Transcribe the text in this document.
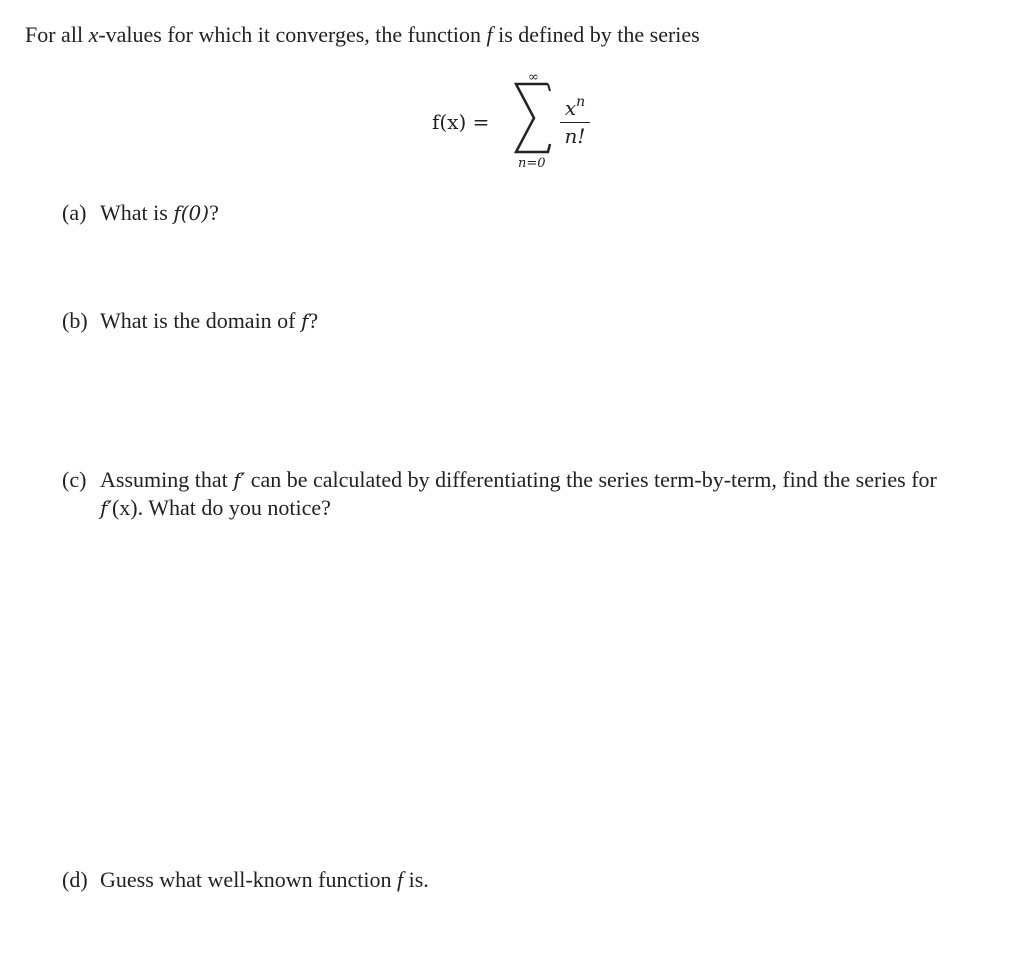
For all x-values for which it converges, the function f is defined by the series
f(x) =
∞
n=0
$x^n$
n!
(a) What is f(0)?
(b) What is the domain of f?
(c) Assuming that f′ can be calculated by differentiating the series term-by-term, find the series for
f′(x). What do you notice?
(d) Guess what well-known function f is.
